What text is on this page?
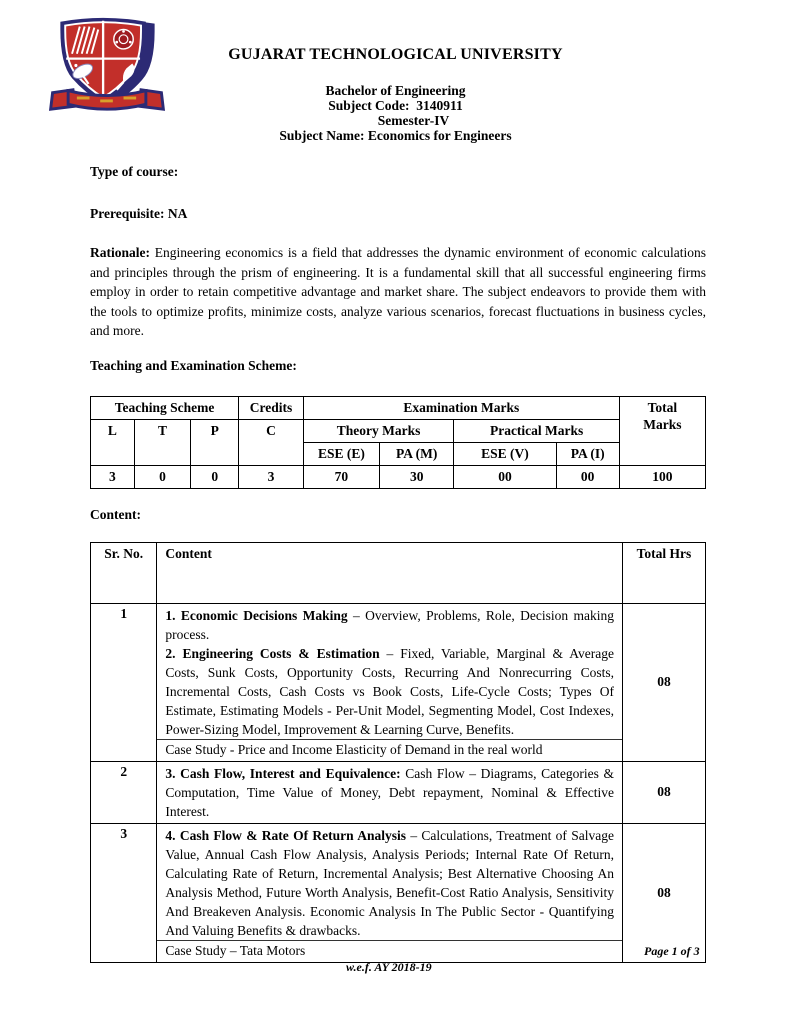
GUJARAT TECHNOLOGICAL UNIVERSITY
Bachelor of Engineering
Subject Code:  3140911
Semester-IV
Subject Name: Economics for Engineers
Type of course:
Prerequisite: NA

Rationale: Engineering economics is a field that addresses the dynamic environment of economic calculations and principles through the prism of engineering. It is a fundamental skill that all successful engineering firms employ in order to retain competitive advantage and market share. The subject endeavors to provide them with the tools to optimize profits, minimize costs, analyze various scenarios, forecast fluctuations in business cycles, and more.

Teaching and Examination Scheme:
Teaching Scheme			Credits	Examination Marks				Total Marks
L	T	P	C	Theory Marks		Practical Marks		
				ESE (E)	PA (M)	ESE (V)	PA (I)	
3	0	0	3	70	30	00	00	100
Content:
Sr. No.	Content	Total Hrs
1	1. Economic Decisions Making – Overview, Problems, Role, Decision making process.
2. Engineering Costs & Estimation – Fixed, Variable, Marginal & Average Costs, Sunk Costs, Opportunity Costs, Recurring And Nonrecurring Costs, Incremental Costs, Cash Costs vs Book Costs, Life-Cycle Costs; Types Of Estimate, Estimating Models - Per-Unit Model, Segmenting Model, Cost Indexes, Power-Sizing Model, Improvement & Learning Curve, Benefits.
Case Study - Price and Income Elasticity of Demand in the real world	08
2	3. Cash Flow, Interest and Equivalence: Cash Flow – Diagrams, Categories & Computation, Time Value of Money, Debt repayment, Nominal & Effective Interest.	08
3	4. Cash Flow & Rate Of Return Analysis – Calculations, Treatment of Salvage Value, Annual Cash Flow Analysis, Analysis Periods; Internal Rate Of Return, Calculating Rate of Return, Incremental Analysis; Best Alternative Choosing An Analysis Method, Future Worth Analysis, Benefit-Cost Ratio Analysis, Sensitivity And Breakeven Analysis. Economic Analysis In The Public Sector - Quantifying And Valuing Benefits & drawbacks.
Case Study – Tata Motors	08
w.e.f. AY 2018-19
Page 1 of 3
